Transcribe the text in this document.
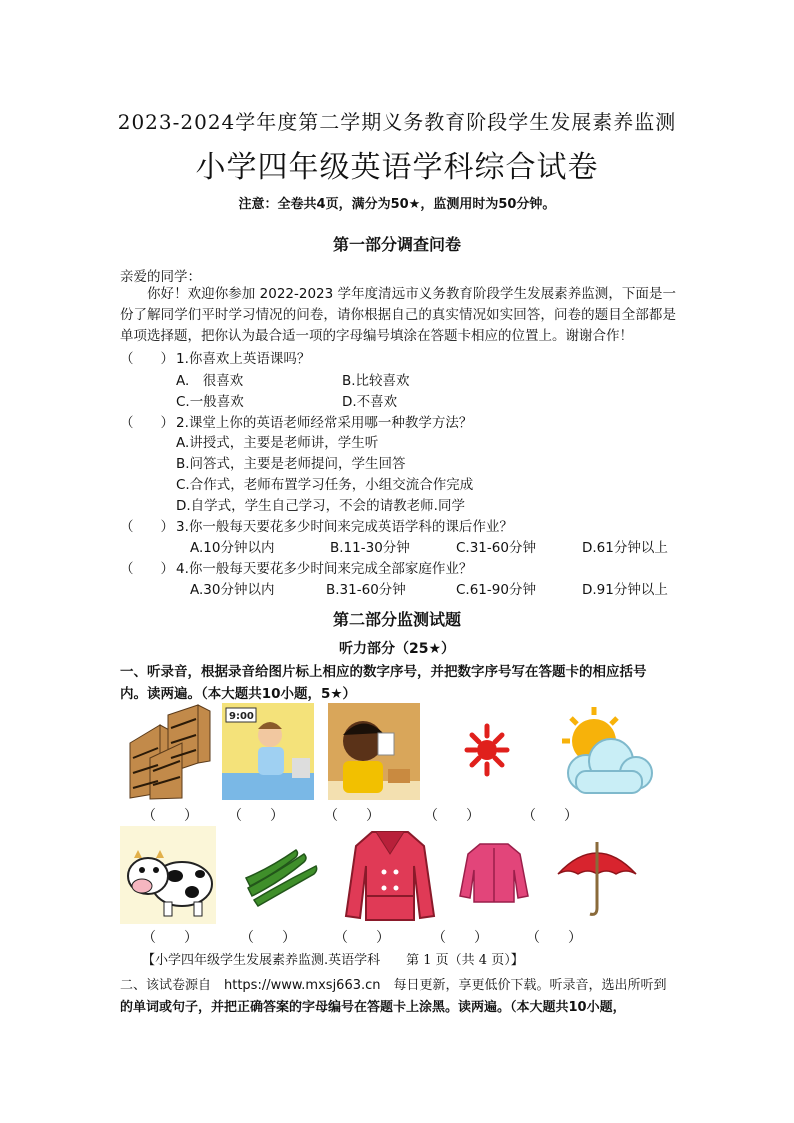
2023-2024学年度第二学期义务教育阶段学生发展素养监测
小学四年级英语学科综合试卷
注意：全卷共4页，满分为50★，监测用时为50分钟。
第一部分调查问卷
亲爱的同学：
你好！欢迎你参加 2022-2023 学年度清远市义务教育阶段学生发展素养监测，下面是一份了解同学们平时学习情况的问卷，请你根据自己的真实情况如实回答，问卷的题目全部都是单项选择题，把你认为最合适一项的字母编号填涂在答题卡相应的位置上。谢谢合作！
（　　） 1.你喜欢上英语课吗？
A.　很喜欢	B.比较喜欢
C.一般喜欢	D.不喜欢
（　　） 2.课堂上你的英语老师经常采用哪一种教学方法？
A.讲授式，主要是老师讲，学生听
B.问答式，主要是老师提问，学生回答
C.合作式，老师布置学习任务，小组交流合作完成
D.自学式，学生自己学习，不会的请教老师.同学
（　　） 3.你一般每天要花多少时间来完成英语学科的课后作业？
A.10分钟以内	B.11-30分钟	C.31-60分钟	D.61分钟以上
（　　） 4.你一般每天要花多少时间来完成全部家庭作业？
A.30分钟以内	B.31-60分钟	C.61-90分钟	D.91分钟以上
第二部分监测试题
听力部分（25★）
一、听录音，根据录音给图片标上相应的数字序号，并把数字序号写在答题卡的相应括号
内。读两遍。（本大题共10小题，5★）
9:00
（　　） （　　）	（　　）	（　　）	（　　）
（　　）	（　　）	（　　）	（　　）	（　　）
【小学四年级学生发展素养监测.英语学科　　第 1 页（共 4 页）】
二、该试卷源自　https://www.mxsj663.cn　每日更新，享更低价下载。听录音，选出所听到
的单词或句子，并把正确答案的字母编号在答题卡上涂黑。读两遍。（本大题共10小题，
